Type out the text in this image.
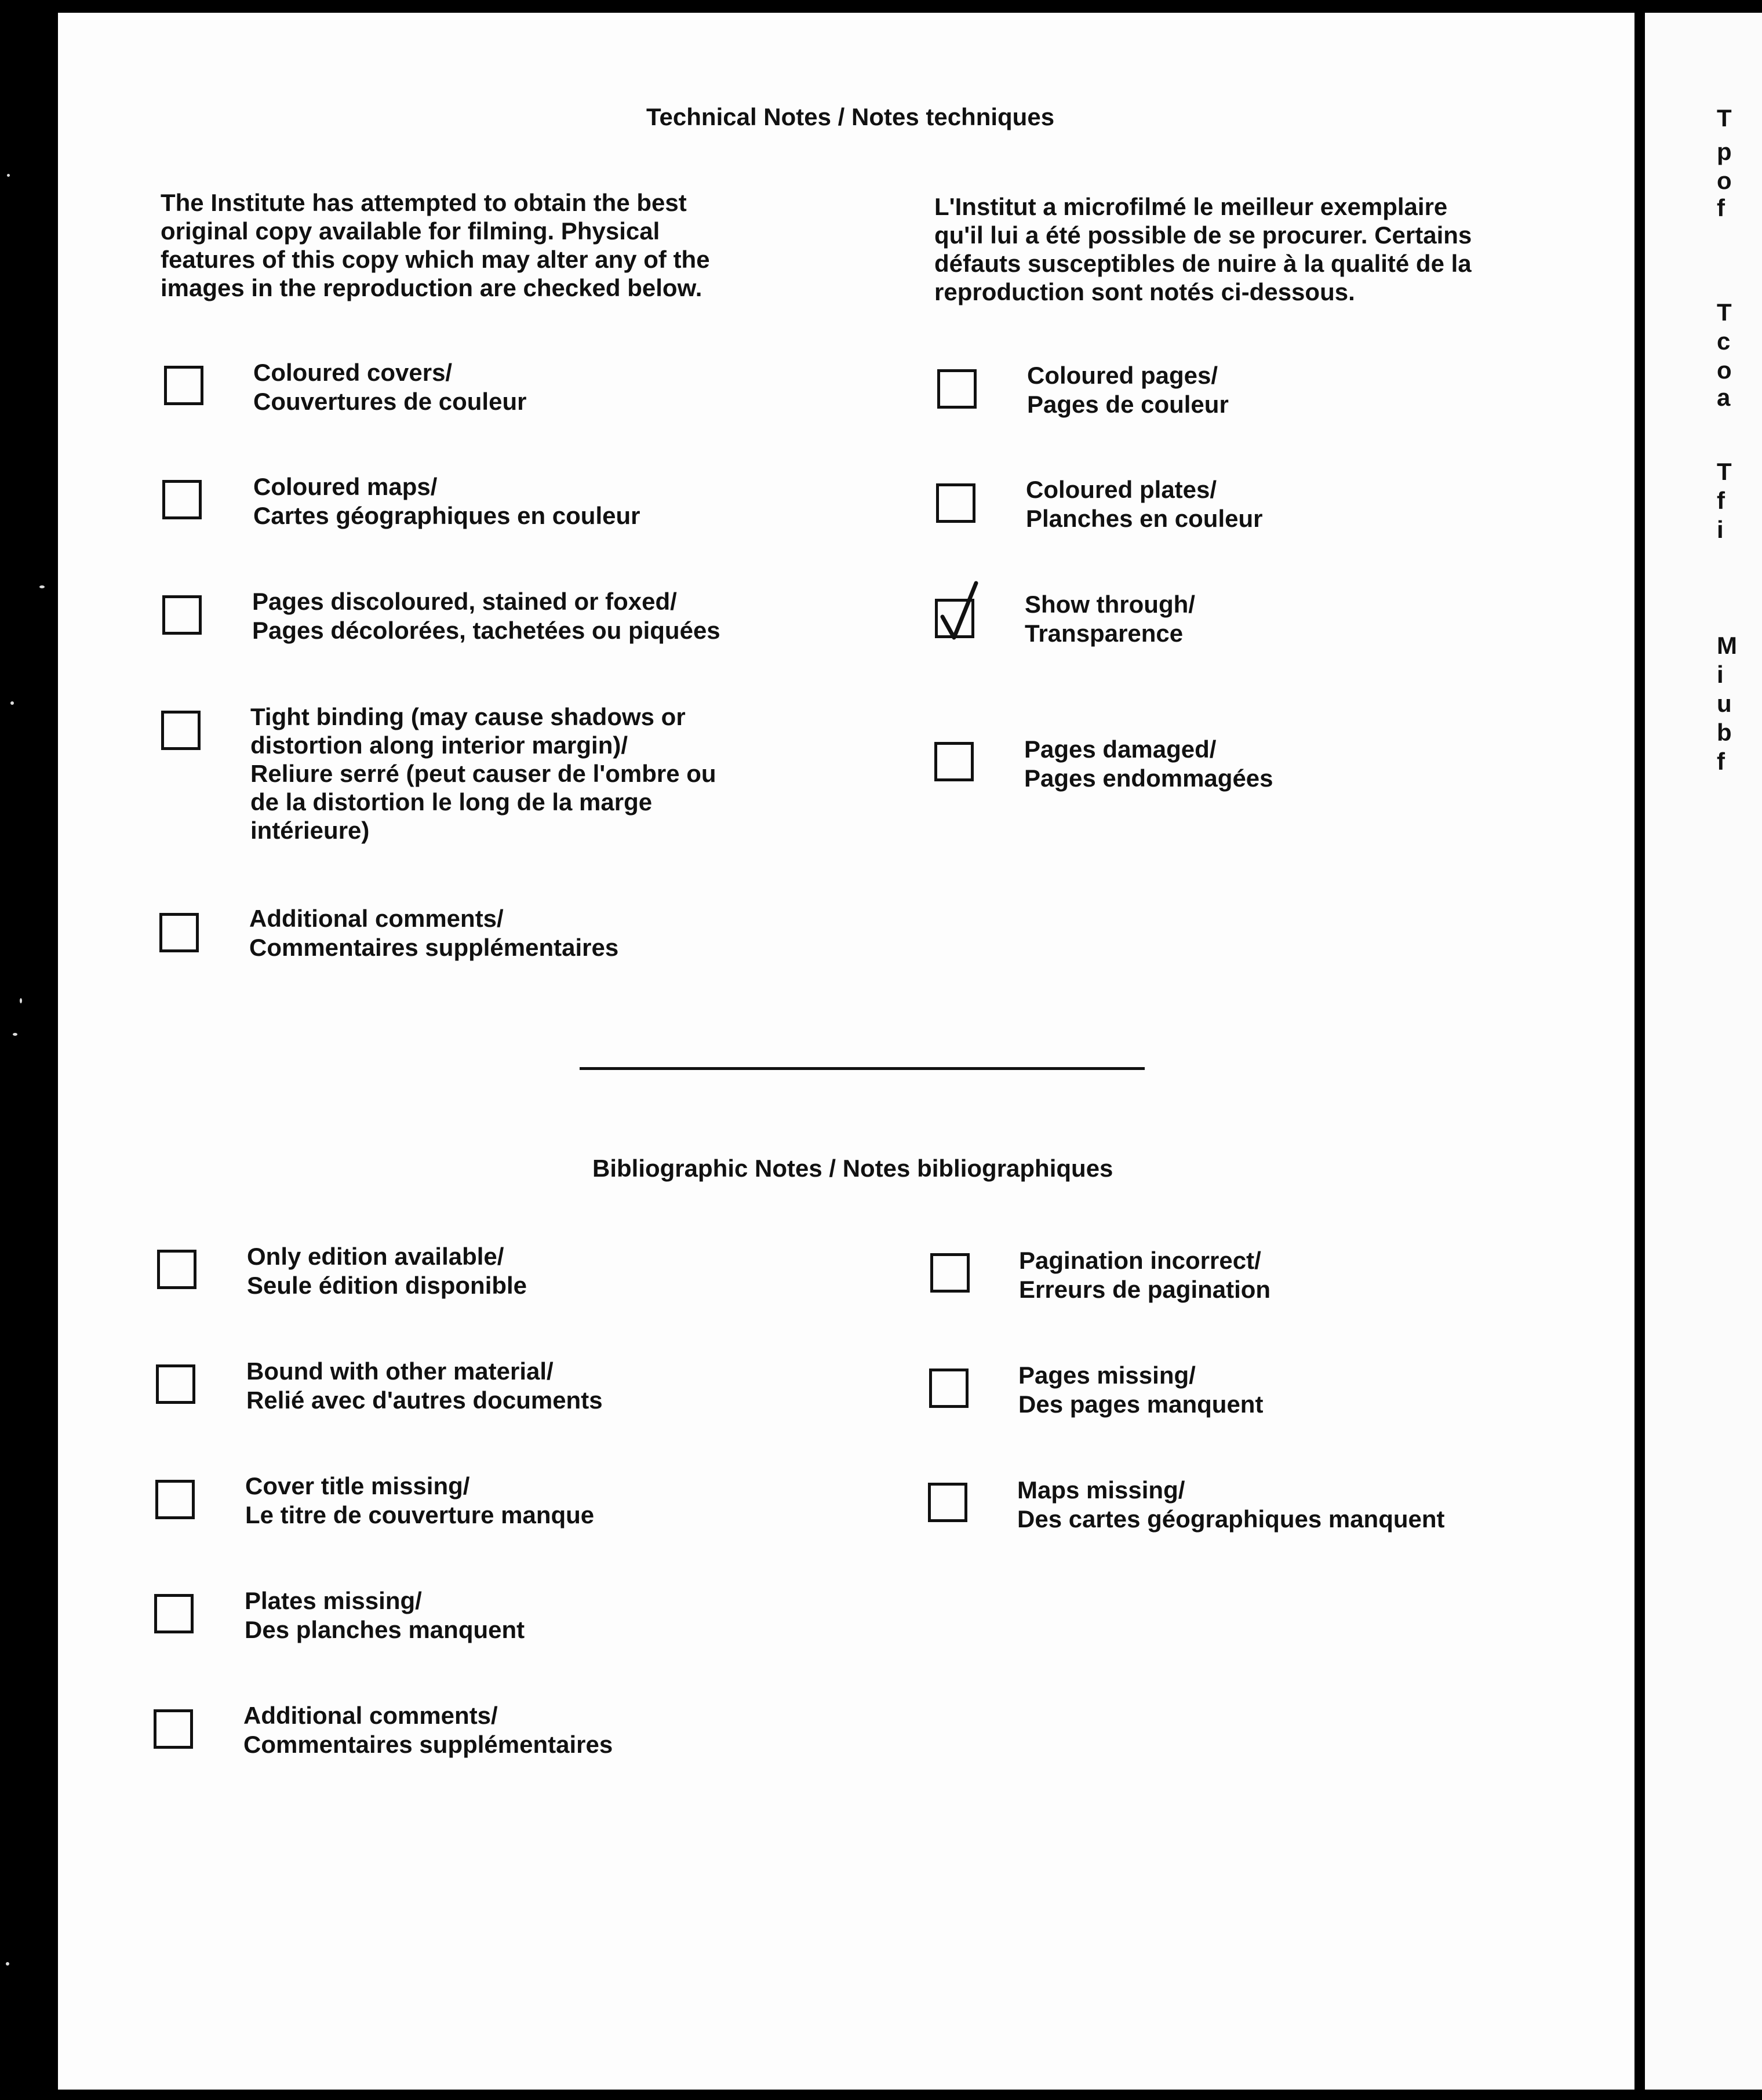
Technical Notes / Notes techniques
The Institute has attempted to obtain the best
original copy available for filming. Physical
features of this copy which may alter any of the
images in the reproduction are checked below.
L'Institut a microfilmé le meilleur exemplaire
qu'il lui a été possible de se procurer. Certains
défauts susceptibles de nuire à la qualité de la
reproduction sont notés ci-dessous.
Coloured covers/
Couvertures de couleur
Coloured maps/
Cartes géographiques en couleur
Pages discoloured, stained or foxed/
Pages décolorées, tachetées ou piquées
Tight binding (may cause shadows or
distortion along interior margin)/
Reliure serré (peut causer de l'ombre ou
de la distortion le long de la marge
intérieure)
Additional comments/
Commentaires supplémentaires
Coloured pages/
Pages de couleur
Coloured plates/
Planches en couleur
Show through/
Transparence
Pages damaged/
Pages endommagées
Bibliographic Notes / Notes bibliographiques
Only edition available/
Seule édition disponible
Bound with other material/
Relié avec d'autres documents
Cover title missing/
Le titre de couverture manque
Plates missing/
Des planches manquent
Additional comments/
Commentaires supplémentaires
Pagination incorrect/
Erreurs de pagination
Pages missing/
Des pages manquent
Maps missing/
Des cartes géographiques manquent
T
p
o
f
T
c
o
a
T
f
i
M
i
u
b
f
